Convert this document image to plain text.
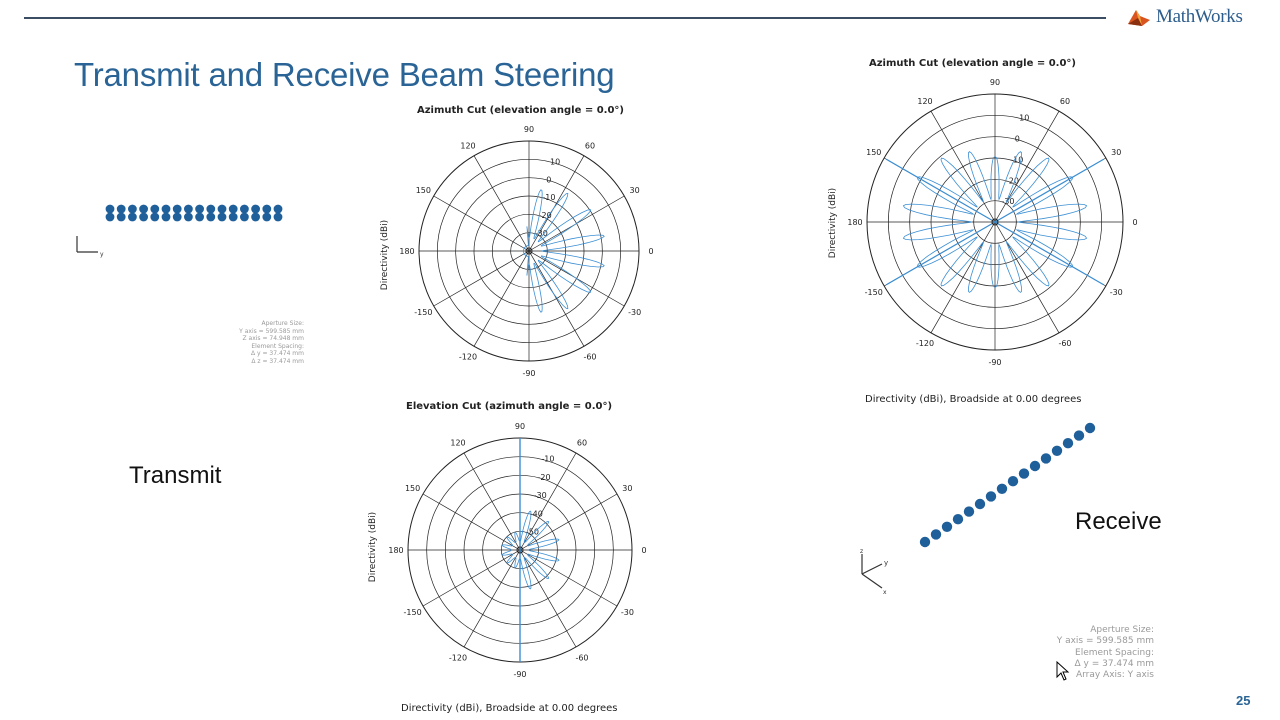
MathWorks
Transmit and Receive Beam Steering
y
Aperture Size:
Y axis = 599.585 mm
Z axis = 74.948 mm
Element Spacing:
Δ y = 37.474 mm
Δ z = 37.474 mm
Transmit
Azimuth Cut (elevation angle = 0.0°)
Directivity (dBi)
90
60
30
0
-30
-60
-90
-120
-150
180
150
120
10
0
-10
-20
-30
Elevation Cut (azimuth angle = 0.0°)
Directivity (dBi)
90
60
30
0
-30
-60
-90
-120
-150
180
150
120
-10
-20
-30
-40
-50
Directivity (dBi), Broadside at 0.00 degrees
Azimuth Cut (elevation angle = 0.0°)
Directivity (dBi)
90
60
30
0
-30
-60
-90
-120
-150
180
150
120
10
0
-10
-20
-30
Directivity (dBi), Broadside at 0.00 degrees
z
y
x
Receive
Aperture Size:
Y axis = 599.585 mm
Element Spacing:
Δ y = 37.474 mm
Array Axis: Y axis
25
